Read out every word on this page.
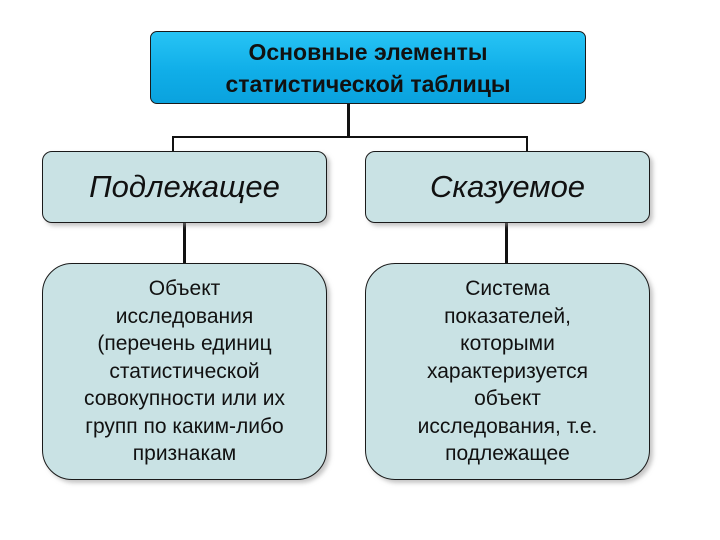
Основные элементы
статистической таблицы
Подлежащее	Сказуемое
Объект
исследования
(перечень единиц
статистической
совокупности или их
групп по каким-либо
признакам
Система
показателей,
которыми
характеризуется
объект
исследования, т.е.
подлежащее
